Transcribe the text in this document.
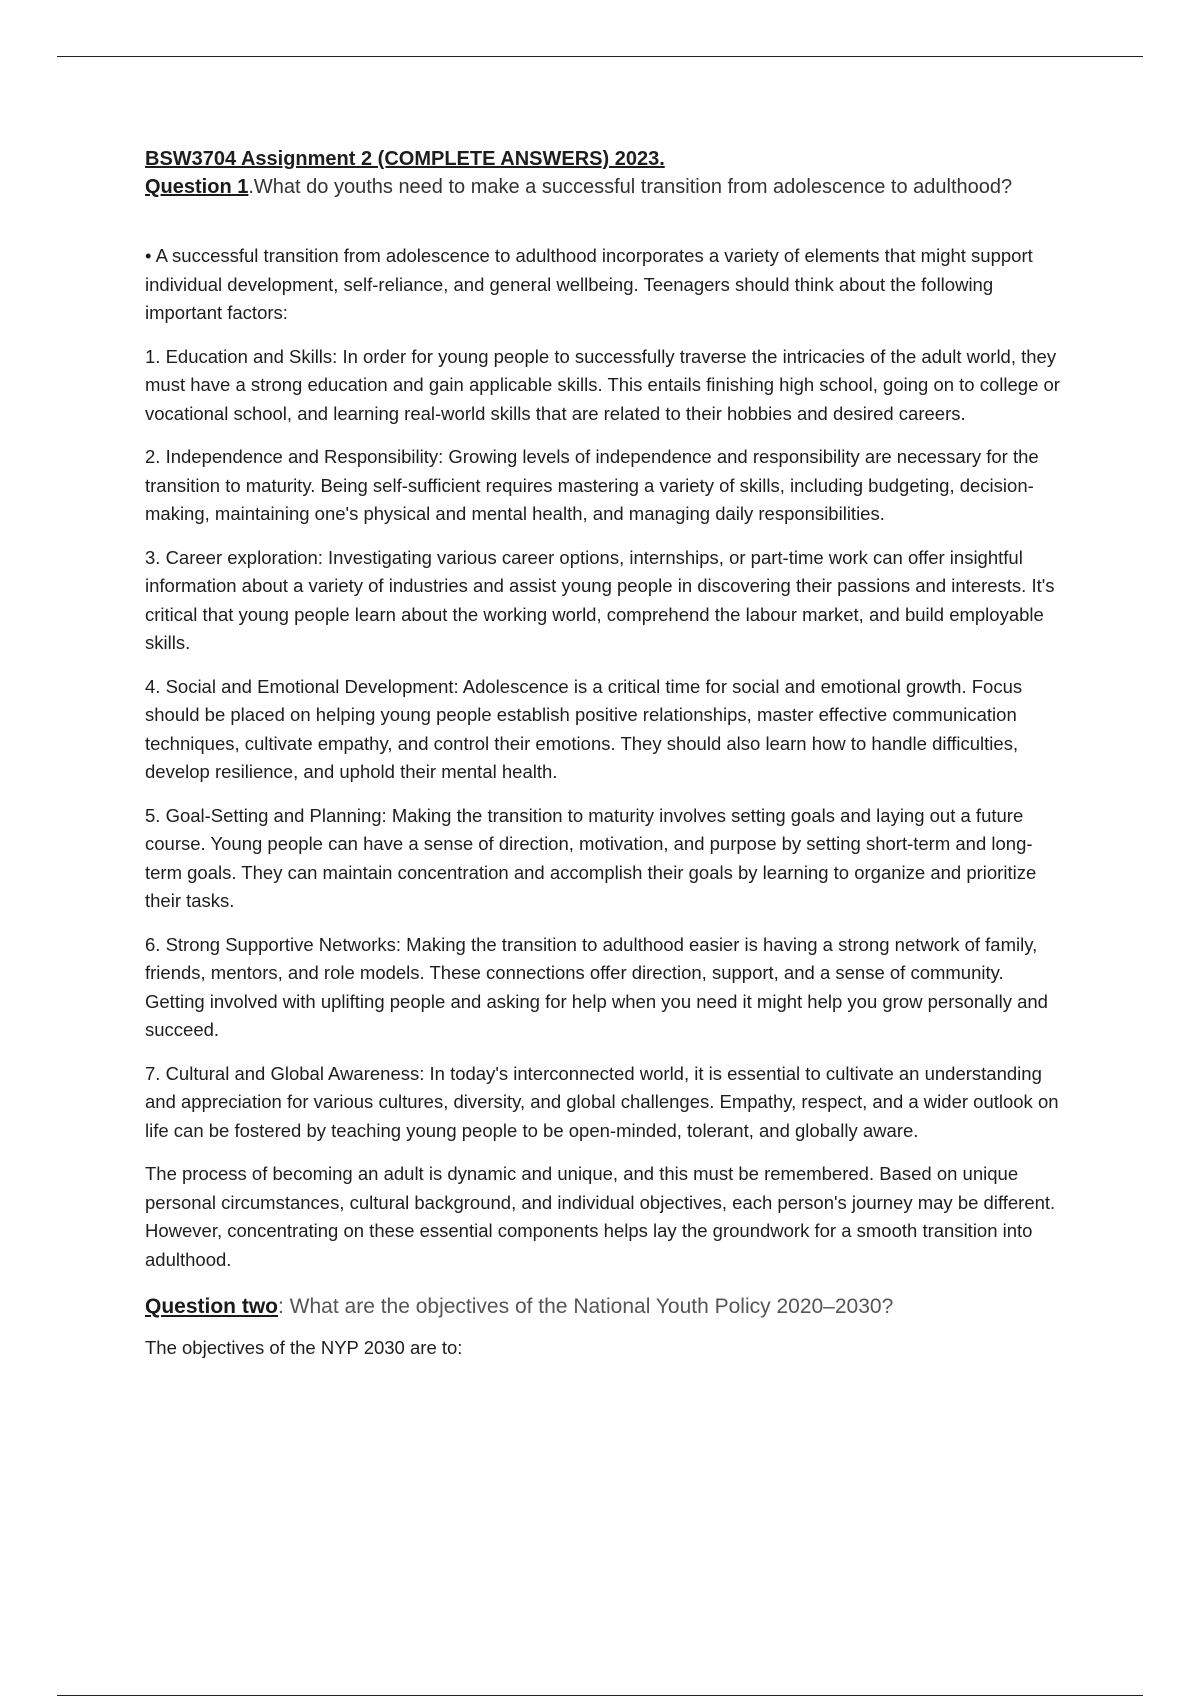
BSW3704 Assignment 2 (COMPLETE ANSWERS) 2023.

Question 1.What do youths need to make a successful transition from adolescence to adulthood?

• A successful transition from adolescence to adulthood incorporates a variety of elements that might support individual development, self-reliance, and general wellbeing. Teenagers should think about the following important factors:

1. Education and Skills: In order for young people to successfully traverse the intricacies of the adult world, they must have a strong education and gain applicable skills. This entails finishing high school, going on to college or vocational school, and learning real-world skills that are related to their hobbies and desired careers.

2. Independence and Responsibility: Growing levels of independence and responsibility are necessary for the transition to maturity. Being self-sufficient requires mastering a variety of skills, including budgeting, decision-making, maintaining one's physical and mental health, and managing daily responsibilities.

3. Career exploration: Investigating various career options, internships, or part-time work can offer insightful information about a variety of industries and assist young people in discovering their passions and interests. It's critical that young people learn about the working world, comprehend the labour market, and build employable skills.

4. Social and Emotional Development: Adolescence is a critical time for social and emotional growth. Focus should be placed on helping young people establish positive relationships, master effective communication techniques, cultivate empathy, and control their emotions. They should also learn how to handle difficulties, develop resilience, and uphold their mental health.

5. Goal-Setting and Planning: Making the transition to maturity involves setting goals and laying out a future course. Young people can have a sense of direction, motivation, and purpose by setting short-term and long-term goals. They can maintain concentration and accomplish their goals by learning to organize and prioritize their tasks.

6. Strong Supportive Networks: Making the transition to adulthood easier is having a strong network of family, friends, mentors, and role models. These connections offer direction, support, and a sense of community. Getting involved with uplifting people and asking for help when you need it might help you grow personally and succeed.

7. Cultural and Global Awareness: In today's interconnected world, it is essential to cultivate an understanding and appreciation for various cultures, diversity, and global challenges. Empathy, respect, and a wider outlook on life can be fostered by teaching young people to be open-minded, tolerant, and globally aware.

The process of becoming an adult is dynamic and unique, and this must be remembered. Based on unique personal circumstances, cultural background, and individual objectives, each person's journey may be different. However, concentrating on these essential components helps lay the groundwork for a smooth transition into adulthood.

Question two: What are the objectives of the National Youth Policy 2020–2030?

The objectives of the NYP 2030 are to:
